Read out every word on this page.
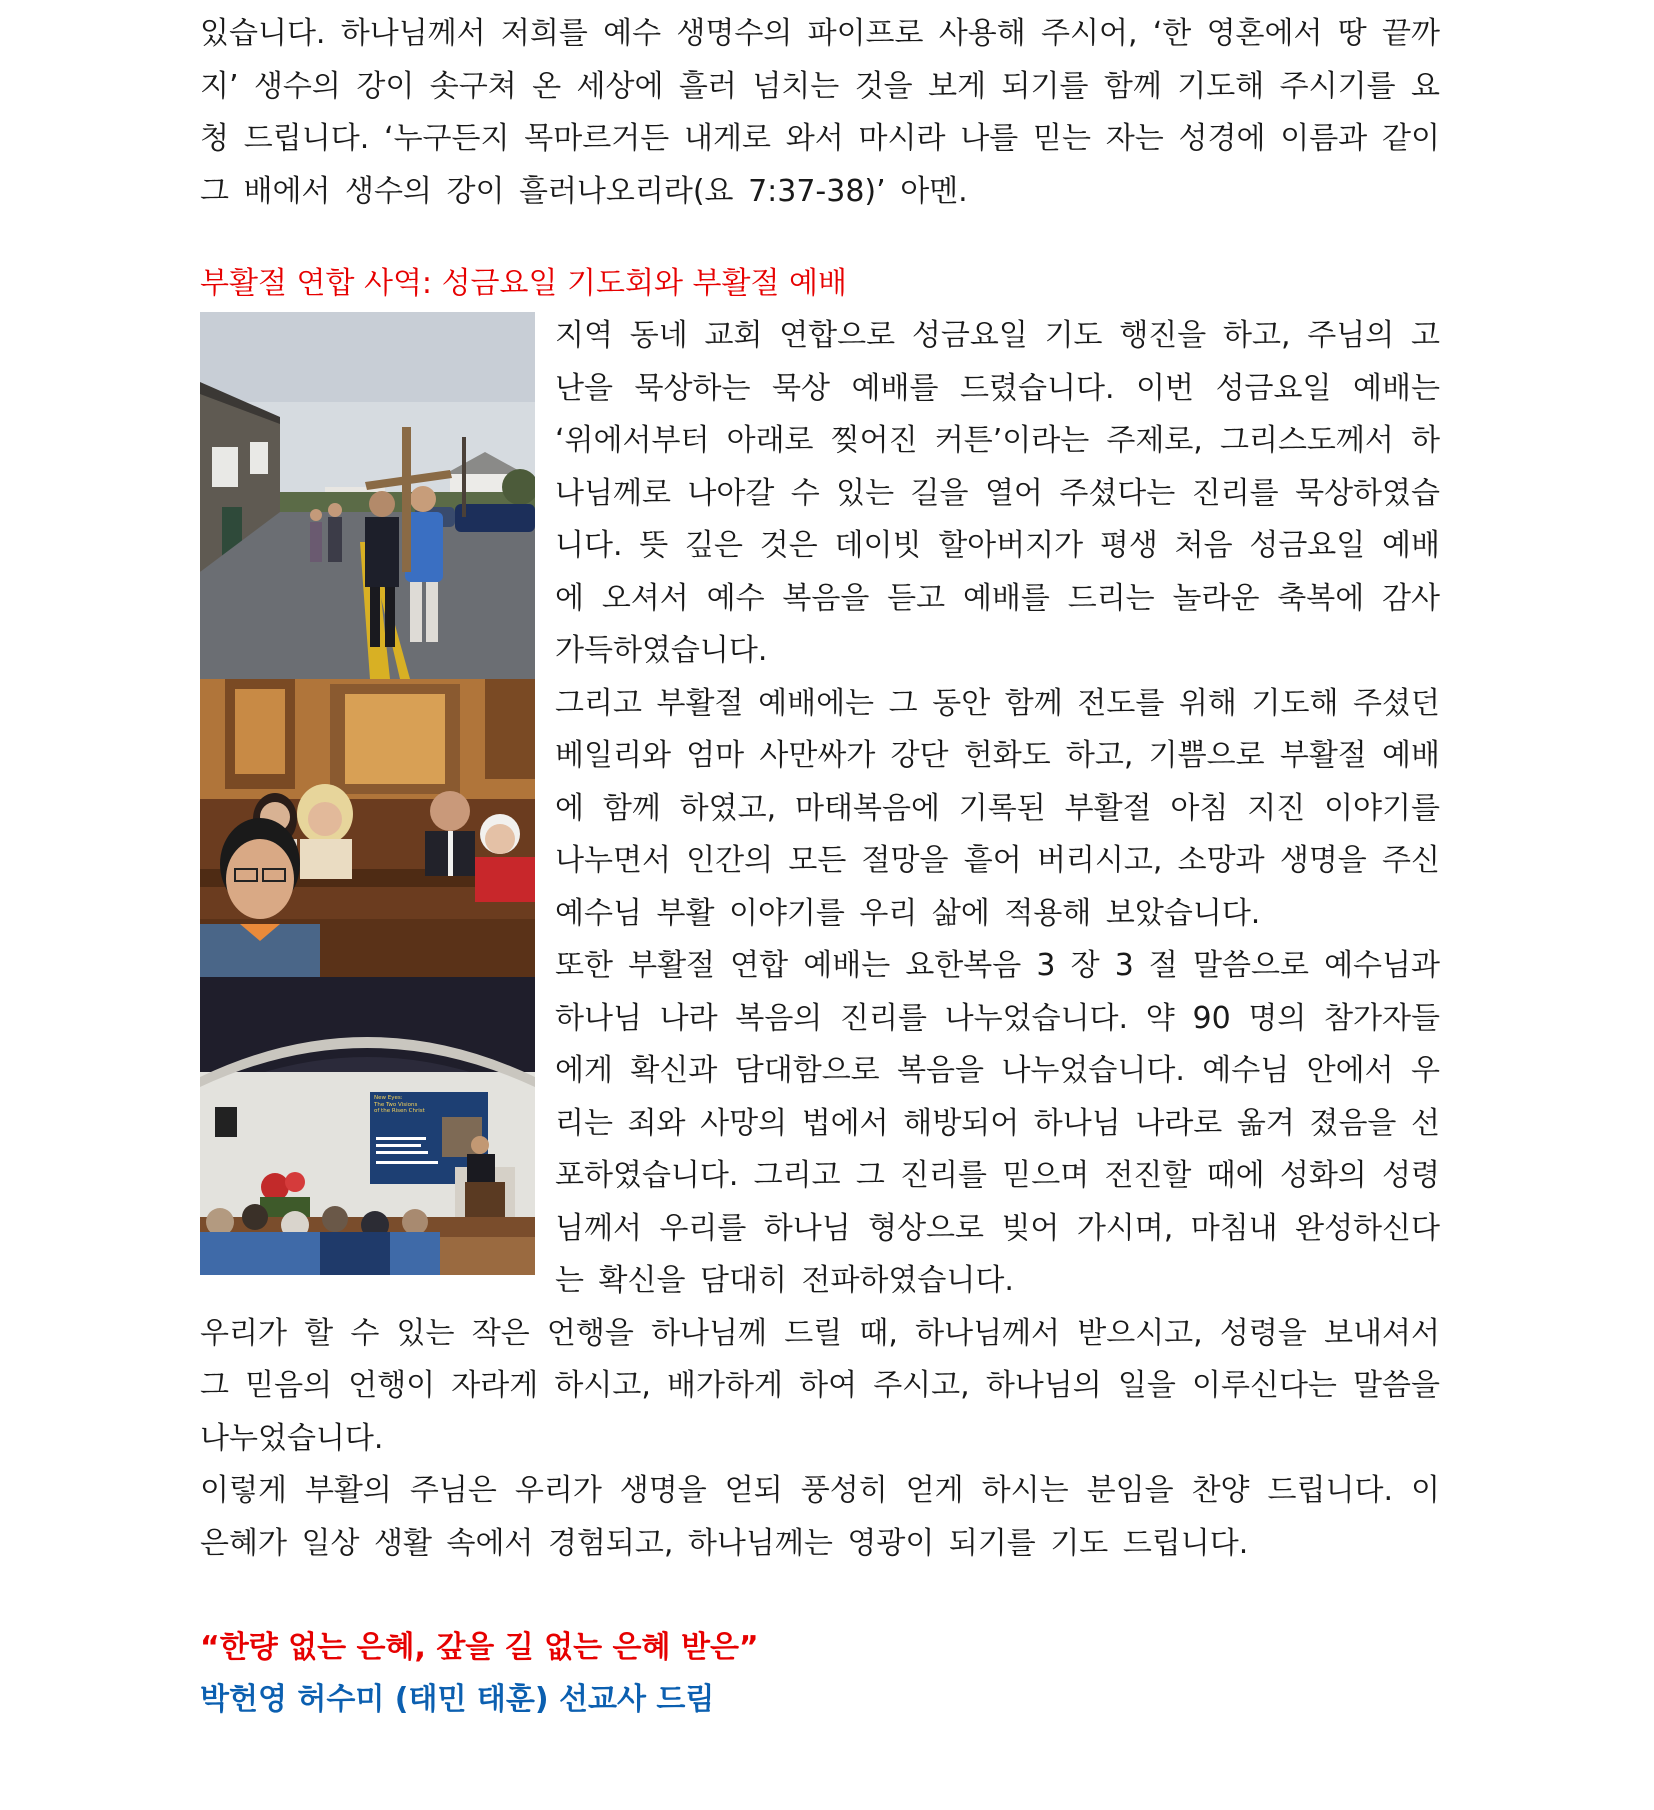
있습니다. 하나님께서 저희를 예수 생명수의 파이프로 사용해 주시어, ‘한 영혼에서 땅 끝까지’ 생수의 강이 솟구쳐 온 세상에 흘러 넘치는 것을 보게 되기를 함께 기도해 주시기를 요청 드립니다. ‘누구든지 목마르거든 내게로 와서 마시라 나를 믿는 자는 성경에 이름과 같이 그 배에서 생수의 강이 흘러나오리라(요 7:37-38)’ 아멘.

부활절 연합 사역: 성금요일 기도회와 부활절 예배
New Eyes:
The Two Visions
of the Risen Christ

지역 동네 교회 연합으로 성금요일 기도 행진을 하고, 주님의 고난을 묵상하는 묵상 예배를 드렸습니다. 이번 성금요일 예배는 ‘위에서부터 아래로 찢어진 커튼’이라는 주제로, 그리스도께서 하나님께로 나아갈 수 있는 길을 열어 주셨다는 진리를 묵상하였습니다. 뜻 깊은 것은 데이빗 할아버지가 평생 처음 성금요일 예배에 오셔서 예수 복음을 듣고 예배를 드리는 놀라운 축복에 감사 가득하였습니다.

그리고 부활절 예배에는 그 동안 함께 전도를 위해 기도해 주셨던 베일리와 엄마 사만싸가 강단 헌화도 하고, 기쁨으로 부활절 예배에 함께 하였고, 마태복음에 기록된 부활절 아침 지진 이야기를 나누면서 인간의 모든 절망을 흩어 버리시고, 소망과 생명을 주신 예수님 부활 이야기를 우리 삶에 적용해 보았습니다.

또한 부활절 연합 예배는 요한복음 3 장 3 절 말씀으로 예수님과 하나님 나라 복음의 진리를 나누었습니다. 약 90 명의 참가자들에게 확신과 담대함으로 복음을 나누었습니다. 예수님 안에서 우리는 죄와 사망의 법에서 해방되어 하나님 나라로 옮겨 졌음을 선포하였습니다. 그리고 그 진리를 믿으며 전진할 때에 성화의 성령님께서 우리를 하나님 형상으로 빚어 가시며, 마침내 완성하신다는 확신을 담대히 전파하였습니다.

우리가 할 수 있는 작은 언행을 하나님께 드릴 때, 하나님께서 받으시고, 성령을 보내셔서 그 믿음의 언행이 자라게 하시고, 배가하게 하여 주시고, 하나님의 일을 이루신다는 말씀을 나누었습니다.

이렇게 부활의 주님은 우리가 생명을 얻되 풍성히 얻게 하시는 분임을 찬양 드립니다. 이 은혜가 일상 생활 속에서 경험되고, 하나님께는 영광이 되기를 기도 드립니다.

“한량 없는 은혜, 갚을 길 없는 은혜 받은”
박헌영 허수미 (태민 태훈) 선교사 드림
